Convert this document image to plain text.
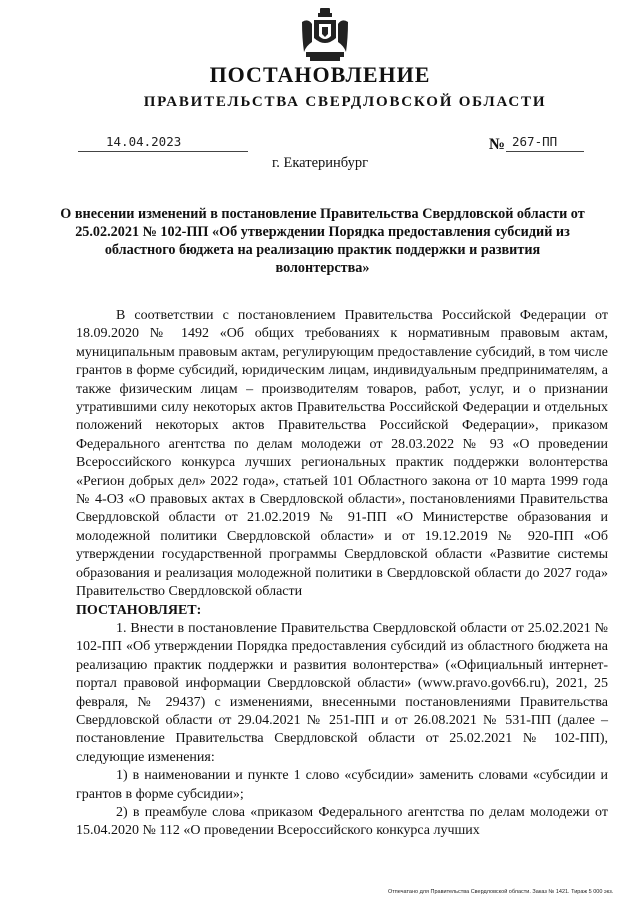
ПОСТАНОВЛЕНИЕ
ПРАВИТЕЛЬСТВА СВЕРДЛОВСКОЙ ОБЛАСТИ
14.04.2023	№ 267-ПП
г. Екатеринбург
О внесении изменений в постановление Правительства Свердловской области от 25.02.2021 № 102-ПП «Об утверждении Порядка предоставления субсидий из областного бюджета на реализацию практик поддержки и развития волонтерства»

В соответствии с постановлением Правительства Российской Федерации от 18.09.2020 № 1492 «Об общих требованиях к нормативным правовым актам, муниципальным правовым актам, регулирующим предоставление субсидий, в том числе грантов в форме субсидий, юридическим лицам, индивидуальным предпринимателям, а также физическим лицам – производителям товаров, работ, услуг, и о признании утратившими силу некоторых актов Правительства Российской Федерации и отдельных положений некоторых актов Правительства Российской Федерации», приказом Федерального агентства по делам молодежи от 28.03.2022 № 93 «О проведении Всероссийского конкурса лучших региональных практик поддержки волонтерства «Регион добрых дел» 2022 года», статьей 101 Областного закона от 10 марта 1999 года № 4-ОЗ «О правовых актах в Свердловской области», постановлениями Правительства Свердловской области от 21.02.2019 № 91-ПП «О Министерстве образования и молодежной политики Свердловской области» и от 19.12.2019 № 920-ПП «Об утверждении государственной программы Свердловской области «Развитие системы образования и реализация молодежной политики в Свердловской области до 2027 года» Правительство Свердловской области

ПОСТАНОВЛЯЕТ:

1. Внести в постановление Правительства Свердловской области от 25.02.2021 № 102-ПП «Об утверждении Порядка предоставления субсидий из областного бюджета на реализацию практик поддержки и развития волонтерства» («Официальный интернет-портал правовой информации Свердловской области» (www.pravo.gov66.ru), 2021, 25 февраля, № 29437) с изменениями, внесенными постановлениями Правительства Свердловской области от 29.04.2021 № 251-ПП и от 26.08.2021 № 531-ПП (далее – постановление Правительства Свердловской области от 25.02.2021 № 102-ПП), следующие изменения:

1) в наименовании и пункте 1 слово «субсидии» заменить словами «субсидии и грантов в форме субсидии»;

2) в преамбуле слова «приказом Федерального агентства по делам молодежи от 15.04.2020 № 112 «О проведении Всероссийского конкурса лучших

Отпечатано для Правительства Свердловской области. Заказ № 1421. Тираж 5 000 экз.
